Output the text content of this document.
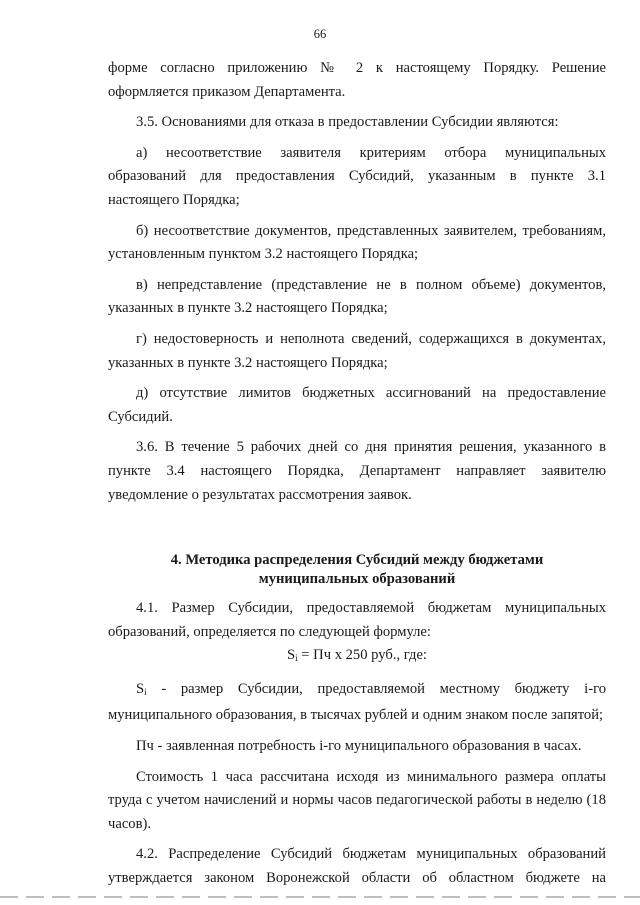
66

форме согласно приложению № 2 к настоящему Порядку. Решение

оформляется приказом Департамента.

3.5. Основаниями для отказа в предоставлении Субсидии являются:

а) несоответствие заявителя критериям отбора муниципальных образований для предоставления Субсидий, указанным в пункте 3.1 настоящего Порядка;

б) несоответствие документов, представленных заявителем, требованиям, установленным пунктом 3.2 настоящего Порядка;

в) непредставление (представление не в полном объеме) документов, указанных в пункте 3.2 настоящего Порядка;

г) недостоверность и неполнота сведений, содержащихся в документах, указанных в пункте 3.2 настоящего Порядка;

д) отсутствие лимитов бюджетных ассигнований на предоставление Субсидий.

3.6. В течение 5 рабочих дней со дня принятия решения, указанного в пункте 3.4 настоящего Порядка, Департамент направляет заявителю уведомление о результатах рассмотрения заявок.

4. Методика распределения Субсидий между бюджетами
муниципальных образований

4.1. Размер Субсидии, предоставляемой бюджетам муниципальных образований, определяется по следующей формуле:

$S_i$ = Пч х 250 руб., где:

$S_i$ - размер Субсидии, предоставляемой местному бюджету i-го муниципального образования, в тысячах рублей и одним знаком после запятой;

Пч - заявленная потребность i-го муниципального образования в часах.

Стоимость 1 часа рассчитана исходя из минимального размера оплаты труда с учетом начислений и нормы часов педагогической работы в неделю (18 часов).

4.2. Распределение Субсидий бюджетам муниципальных образований

утверждается законом Воронежской области об областном бюджете на
